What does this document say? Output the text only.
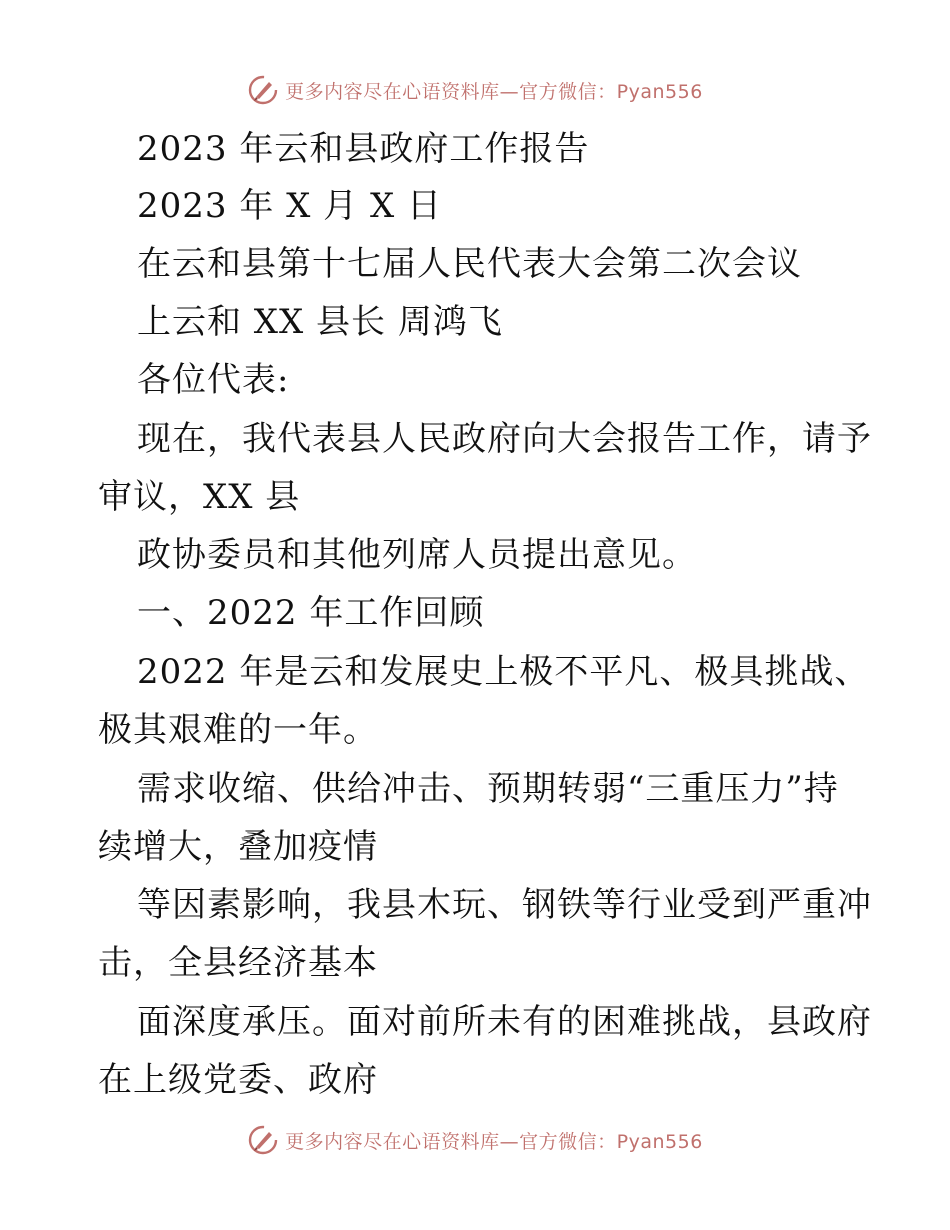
更多内容尽在心语资料库—官方微信：Pyan556
2023 年云和县政府工作报告
2023 年 X 月 X 日
在云和县第十七届人民代表大会第二次会议
上云和 XX 县长 周鸿飞
各位代表:
现在，我代表县人民政府向大会报告工作，请予
审议，XX 县
政协委员和其他列席人员提出意见。
一、2022 年工作回顾
2022 年是云和发展史上极不平凡、极具挑战、
极其艰难的一年。
需求收缩、供给冲击、预期转弱“三重压力”持
续增大，叠加疫情
等因素影响，我县木玩、钢铁等行业受到严重冲
击，全县经济基本
面深度承压。面对前所未有的困难挑战，县政府
在上级党委、政府
更多内容尽在心语资料库—官方微信：Pyan556
